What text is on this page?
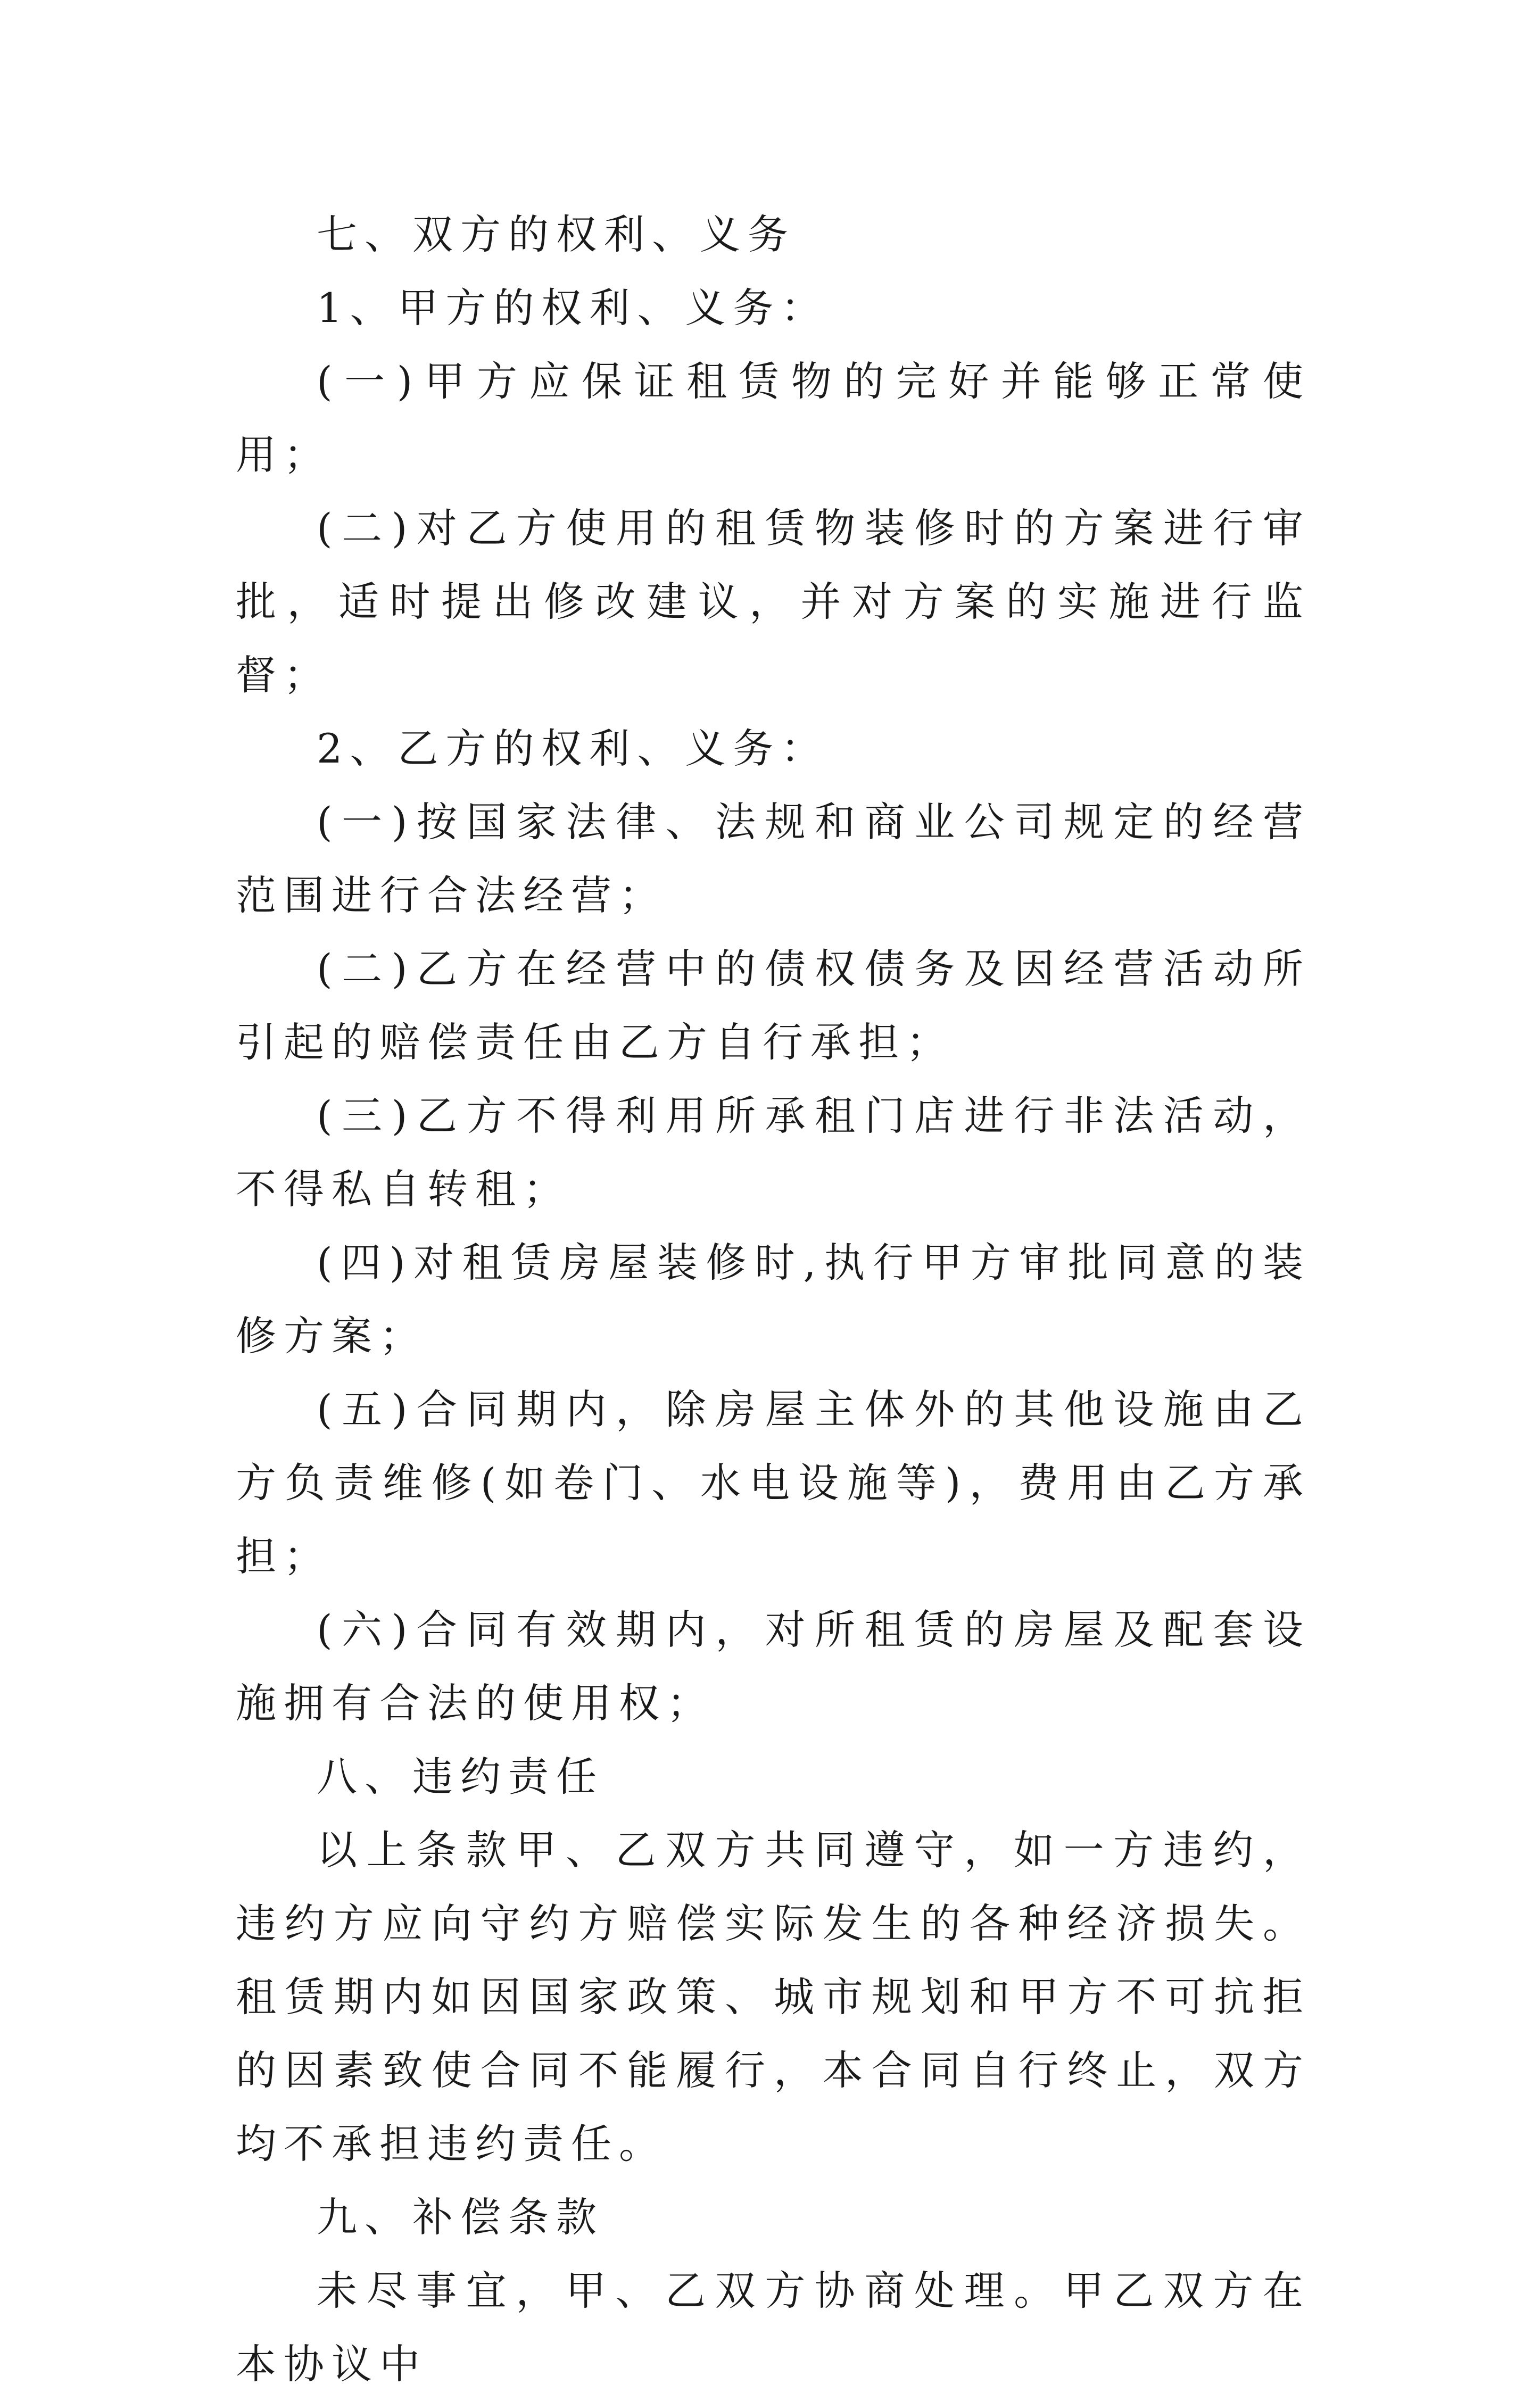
七、双方的权利、义务

1、甲方的权利、义务：

(一)甲方应保证租赁物的完好并能够正常使用；

(二)对乙方使用的租赁物装修时的方案进行审批，适时提出修改建议，并对方案的实施进行监督；

2、乙方的权利、义务：

(一)按国家法律、法规和商业公司规定的经营范围进行合法经营；

(二)乙方在经营中的债权债务及因经营活动所引起的赔偿责任由乙方自行承担；

(三)乙方不得利用所承租门店进行非法活动，不得私自转租；

(四)对租赁房屋装修时,执行甲方审批同意的装修方案；

(五)合同期内，除房屋主体外的其他设施由乙方负责维修(如卷门、水电设施等)，费用由乙方承担；

(六)合同有效期内，对所租赁的房屋及配套设施拥有合法的使用权；

八、违约责任

以上条款甲、乙双方共同遵守，如一方违约，违约方应向守约方赔偿实际发生的各种经济损失。租赁期内如因国家政策、城市规划和甲方不可抗拒的因素致使合同不能履行，本合同自行终止，双方均不承担违约责任。

九、补偿条款

未尽事宜，甲、乙双方协商处理。甲乙双方在本协议中
